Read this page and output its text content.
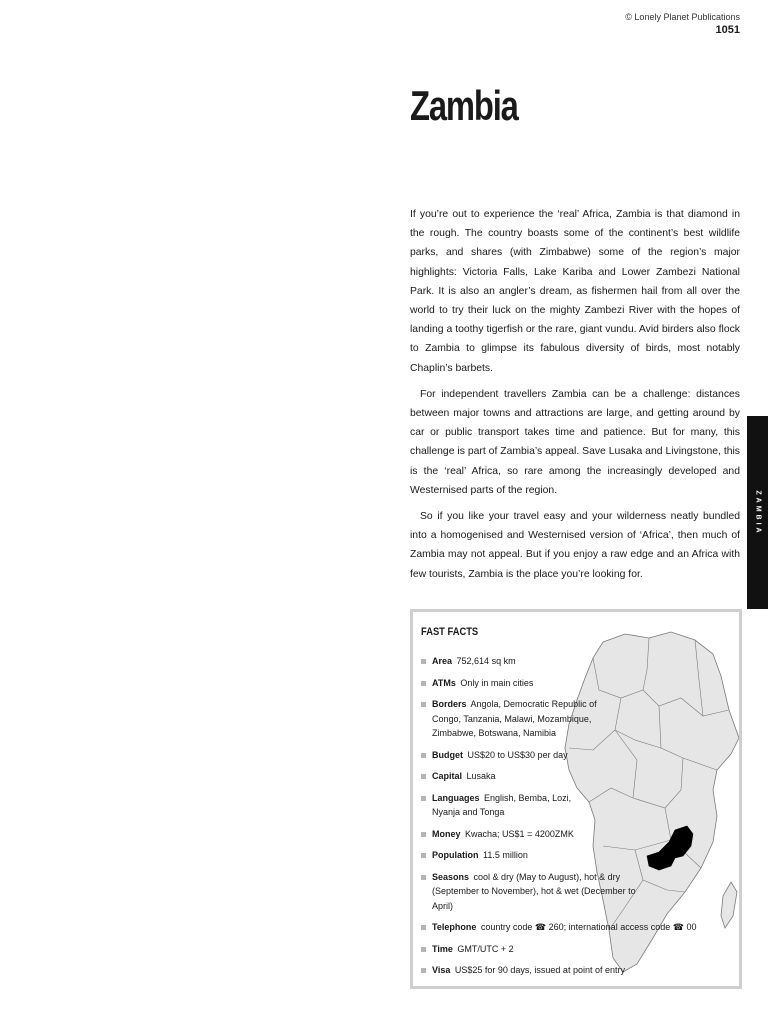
© Lonely Planet Publications
1051
Zambia

If you’re out to experience the ‘real’ Africa, Zambia is that diamond in the rough. The country boasts some of the continent’s best wildlife parks, and shares (with Zimbabwe) some of the region’s major highlights: Victoria Falls, Lake Kariba and Lower Zambezi National Park. It is also an angler’s dream, as fishermen hail from all over the world to try their luck on the mighty Zambezi River with the hopes of landing a toothy tigerfish or the rare, giant vundu. Avid birders also flock to Zambia to glimpse its fabulous diversity of birds, most notably Chaplin’s barbets.

For independent travellers Zambia can be a challenge: distances between major towns and attractions are large, and getting around by car or public transport takes time and patience. But for many, this challenge is part of Zambia’s appeal. Save Lusaka and Livingstone, this is the ‘real’ Africa, so rare among the increasingly developed and Westernised parts of the region.

So if you like your travel easy and your wilderness neatly bundled into a homogenised and Westernised version of ‘Africa’, then much of Zambia may not appeal. But if you enjoy a raw edge and an Africa with few tourists, Zambia is the place you’re looking for.

ZAMBIA
FAST FACTS
Area 752,614 sq km
ATMs Only in main cities
Borders Angola, Democratic Republic of Congo, Tanzania, Malawi, Mozambique, Zimbabwe, Botswana, Namibia
Budget US$20 to US$30 per day
Capital Lusaka
Languages English, Bemba, Lozi, Nyanja and Tonga
Money Kwacha; US$1 = 4200ZMK
Population 11.5 million
Seasons cool & dry (May to August), hot & dry (September to November), hot & wet (December to April)
Telephone country code ☎ 260; international access code ☎ 00
Time GMT/UTC + 2
Visa US$25 for 90 days, issued at point of entry
